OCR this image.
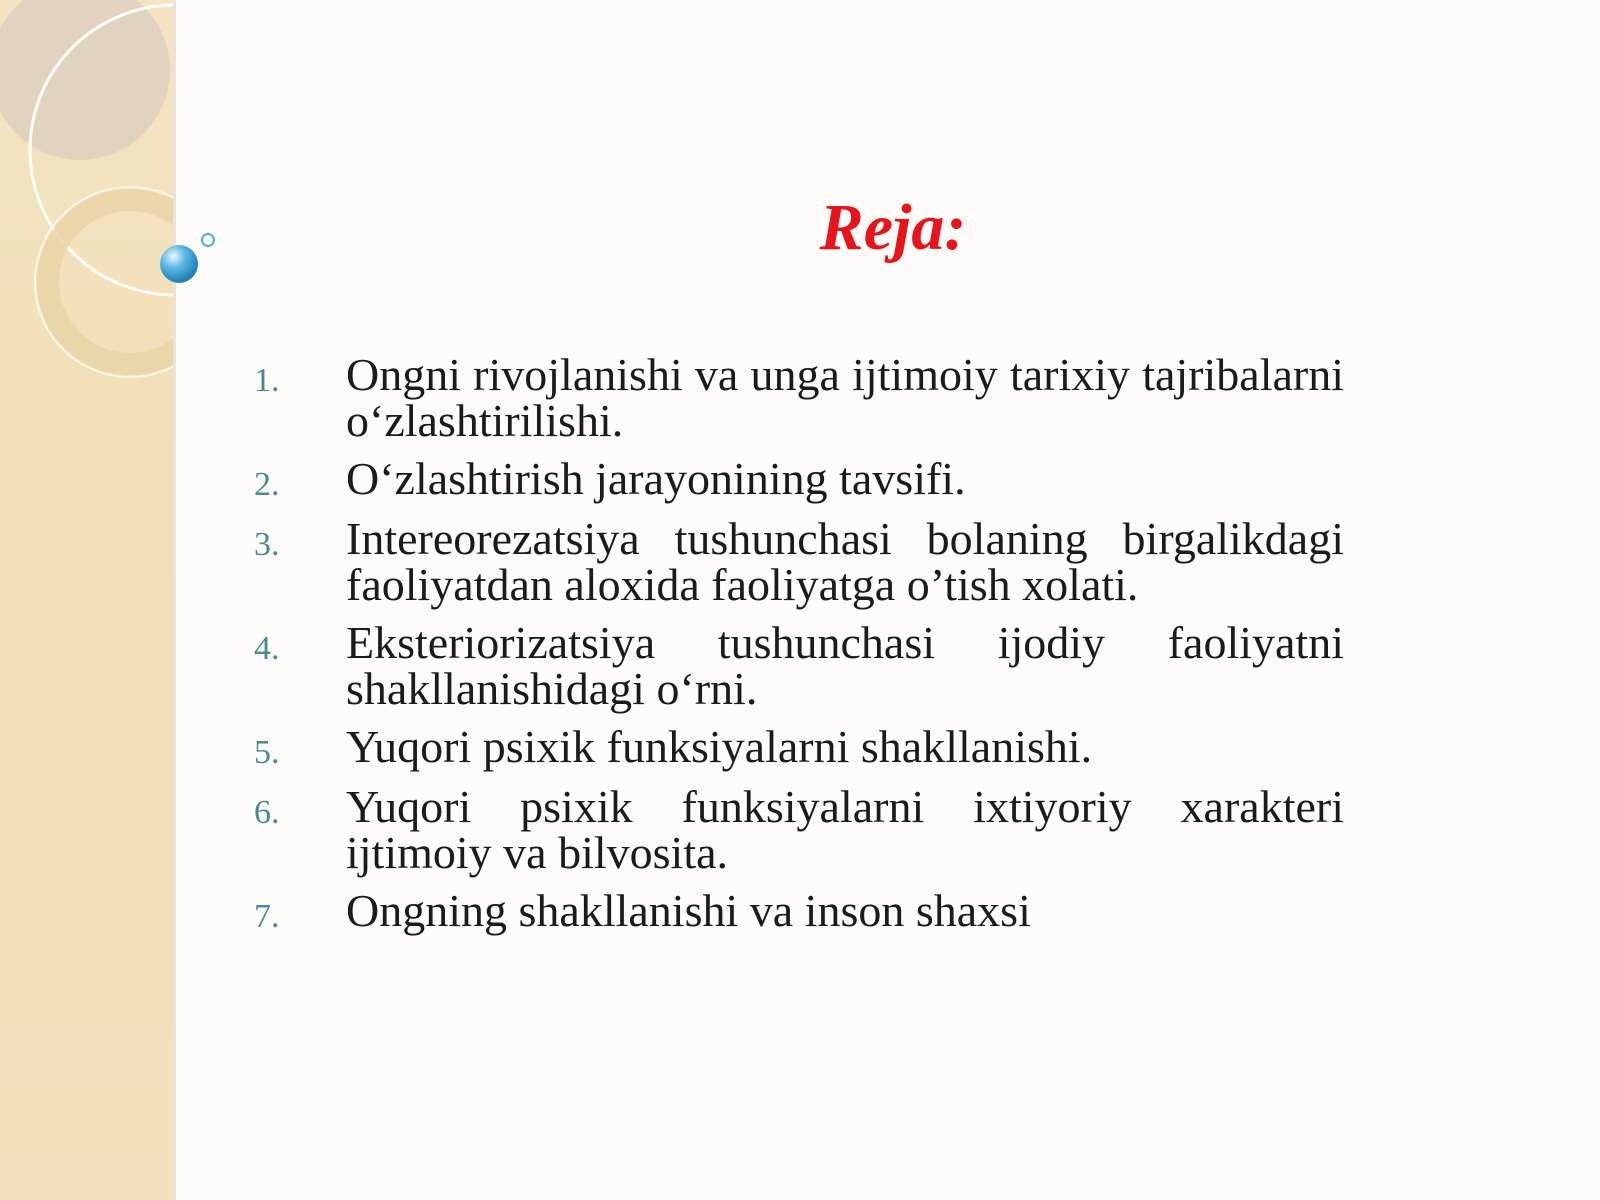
Reja:
1.	Ongni rivojlanishi va unga ijtimoiy tarixiy tajribalarni o‘zlashtirilishi.
2.	O‘zlashtirish jarayonining tavsifi.
3.	Intereorezatsiya tushunchasi bolaning birgalikdagi faoliyatdan aloxida faoliyatga o’tish xolati.
4.	Eksteriorizatsiya tushunchasi ijodiy faoliyatni shakllanishidagi o‘rni.
5.	Yuqori psixik funksiyalarni shakllanishi.
6.	Yuqori psixik funksiyalarni ixtiyoriy xarakteri ijtimoiy va bilvosita.
7.	Ongning shakllanishi va inson shaxsi
